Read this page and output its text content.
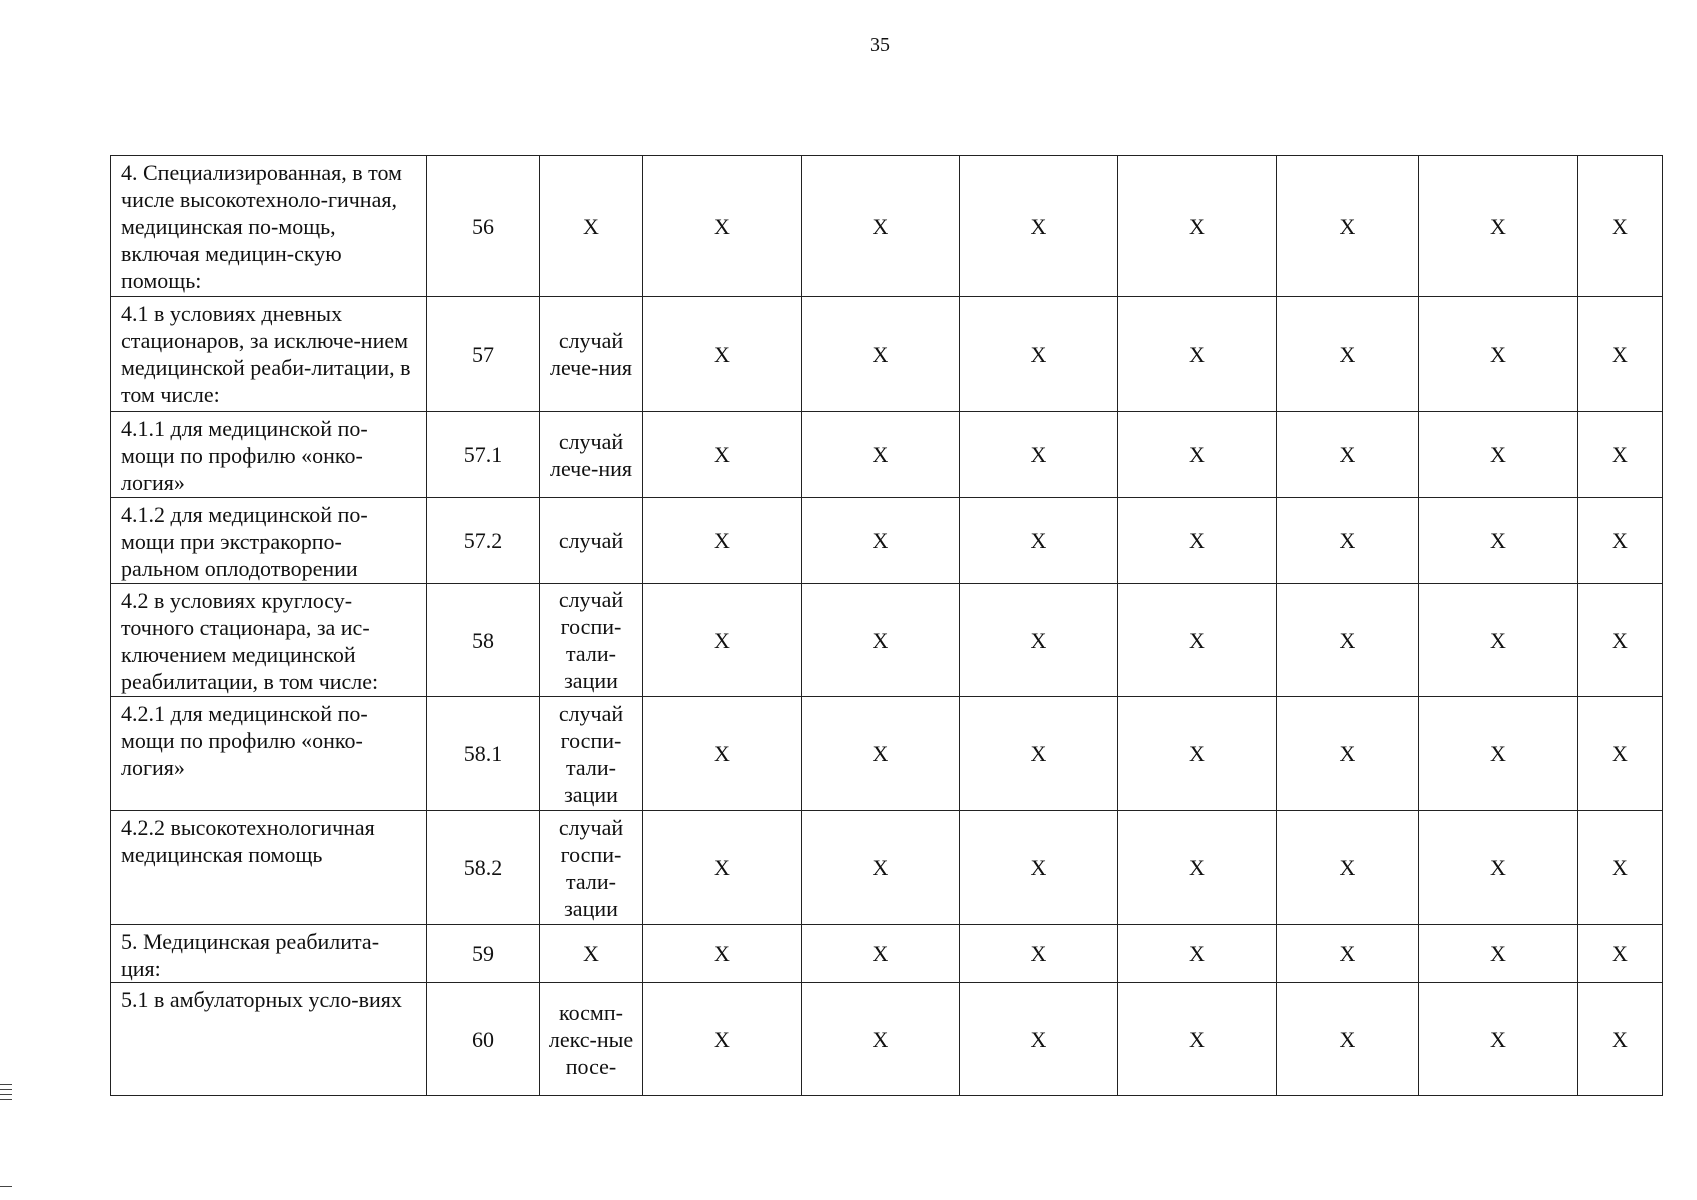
35
4. Специализированная, в том числе высокотехноло-гичная, медицинская по-мощь, включая медицин-скую помощь:	56	X	X	X	X	X	X	X	X
4.1 в условиях дневных стационаров, за исключе-нием медицинской реаби-литации, в том числе:	57	случай лече-ния	X	X	X	X	X	X	X
4.1.1 для медицинской по-мощи по профилю «онко-логия»	57.1	случай лече-ния	X	X	X	X	X	X	X
4.1.2 для медицинской по-мощи при экстракорпо-ральном оплодотворении	57.2	случай	X	X	X	X	X	X	X
4.2 в условиях круглосу-точного стационара, за ис-ключением медицинской реабилитации, в том числе:	58	случай госпи-тали-зации	X	X	X	X	X	X	X
4.2.1 для медицинской по-мощи по профилю «онко-логия»	58.1	случай госпи-тали-зации	X	X	X	X	X	X	X
4.2.2 высокотехнологичная медицинская помощь	58.2	случай госпи-тали-зации	X	X	X	X	X	X	X
5. Медицинская реабилита-ция:	59	X	X	X	X	X	X	X	X
5.1 в амбулаторных усло-виях	60	космп-лекс-ные посе-	X	X	X	X	X	X	X
